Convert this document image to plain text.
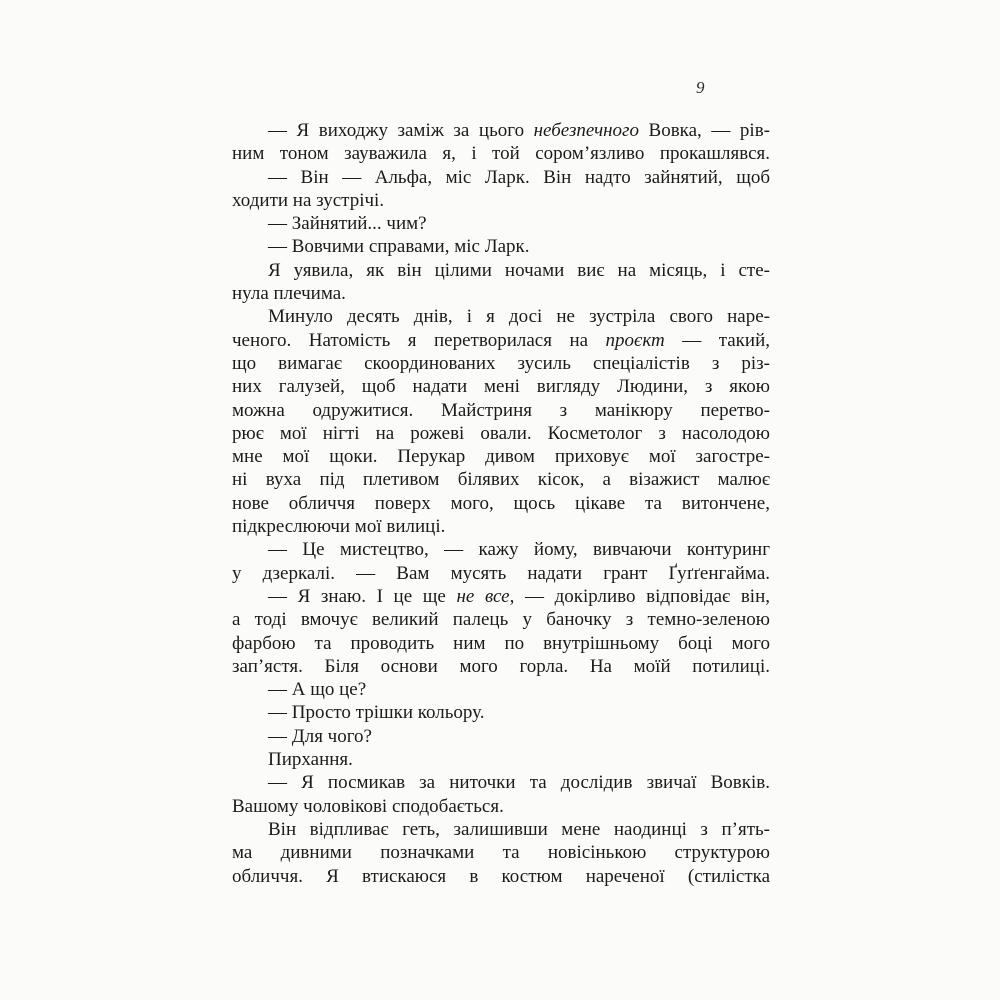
9
— Я виходжу заміж за цього небезпечного Вовка, — рів-
ним тоном зауважила я, і той сором’язливо прокашлявся.
— Він — Альфа, міс Ларк. Він надто зайнятий, щоб
ходити на зустрічі.
— Зайнятий... чим?
— Вовчими справами, міс Ларк.
Я уявила, як він цілими ночами виє на місяць, і сте-
нула плечима.
Минуло десять днів, і я досі не зустріла свого наре-
ченого. Натомість я перетворилася на проєкт — такий,
що вимагає скоординованих зусиль спеціалістів з різ-
них галузей, щоб надати мені вигляду Людини, з якою
можна одружитися. Майстриня з манікюру перетво-
рює мої нігті на рожеві овали. Косметолог з насолодою
мне мої щоки. Перукар дивом приховує мої загостре-
ні вуха під плетивом білявих кісок, а візажист малює
нове обличчя поверх мого, щось цікаве та витончене,
підкреслюючи мої вилиці.
— Це мистецтво, — кажу йому, вивчаючи контуринг
у дзеркалі. — Вам мусять надати грант Ґуґґенгайма.
— Я знаю. І це ще не все, — докірливо відповідає він,
а тоді вмочує великий палець у баночку з темно-зеленою
фарбою та проводить ним по внутрішньому боці мого
зап’ястя. Біля основи мого горла. На моїй потилиці.
— А що це?
— Просто трішки кольору.
— Для чого?
Пирхання.
— Я посмикав за ниточки та дослідив звичаї Вовків.
Вашому чоловікові сподобається.
Він відпливає геть, залишивши мене наодинці з п’ять-
ма дивними позначками та новісінькою структурою
обличчя. Я втискаюся в костюм нареченої (стилістка
